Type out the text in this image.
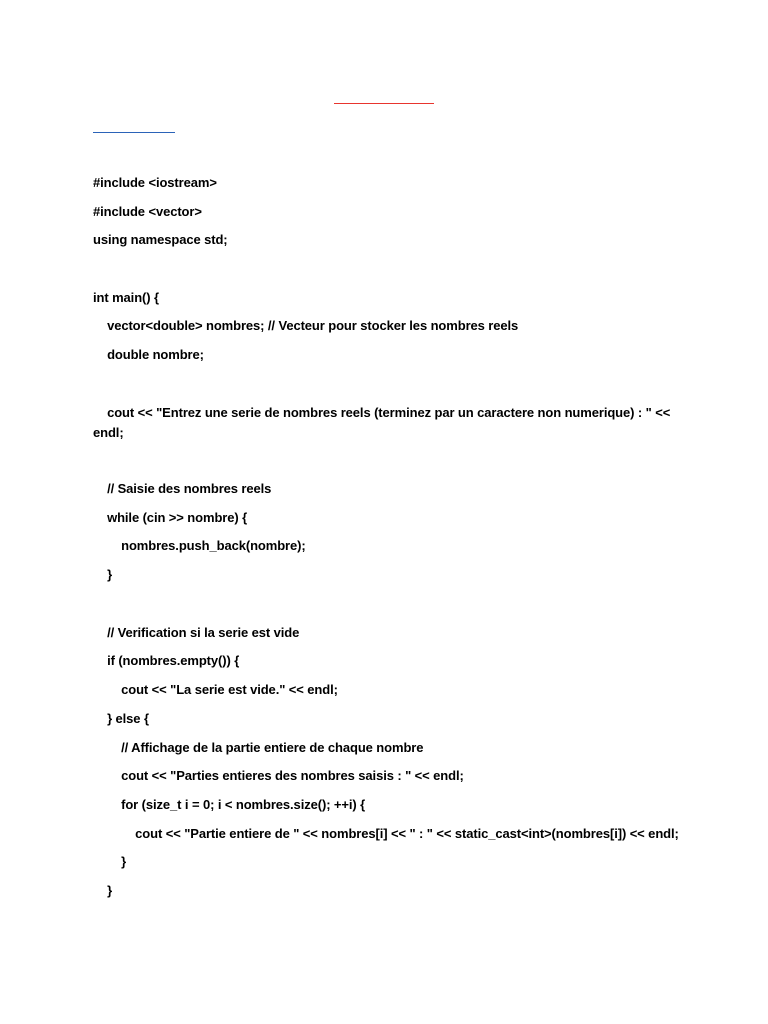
#include <iostream>
#include <vector>
using namespace std;
int main() {
vector<double> nombres; // Vecteur pour stocker les nombres reels
double nombre;
cout << "Entrez une serie de nombres reels (terminez par un caractere non numerique) : " << endl;
// Saisie des nombres reels
while (cin >> nombre) {
nombres.push_back(nombre);
}
// Verification si la serie est vide
if (nombres.empty()) {
cout << "La serie est vide." << endl;
} else {
// Affichage de la partie entiere de chaque nombre
cout << "Parties entieres des nombres saisis : " << endl;
for (size_t i = 0; i < nombres.size(); ++i) {
cout << "Partie entiere de " << nombres[i] << " : " << static_cast<int>(nombres[i]) << endl;
}
}
